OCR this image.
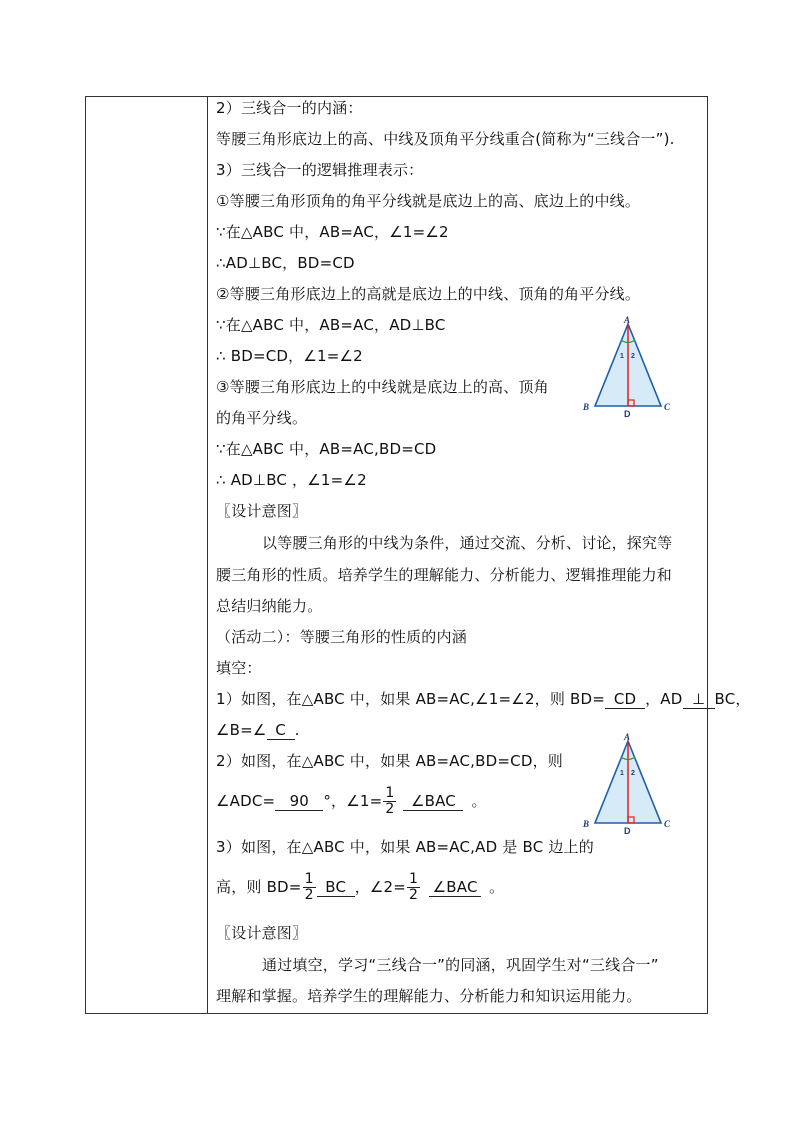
2）三线合一的内涵：
等腰三角形底边上的高、中线及顶角平分线重合(简称为“三线合一”).
3）三线合一的逻辑推理表示：
①等腰三角形顶角的角平分线就是底边上的高、底边上的中线。
∵在△ABC 中，AB=AC，∠1=∠2
∴AD⊥BC，BD=CD
②等腰三角形底边上的高就是底边上的中线、顶角的角平分线。
∵在△ABC 中，AB=AC，AD⊥BC
∴ BD=CD，∠1=∠2
③等腰三角形底边上的中线就是底边上的高、顶角
的角平分线。
∵在△ABC 中，AB=AC,BD=CD
∴ AD⊥BC ，∠1=∠2
〖设计意图〗
以等腰三角形的中线为条件，通过交流、分析、讨论，探究等
腰三角形的性质。培养学生的理解能力、分析能力、逻辑推理能力和
总结归纳能力。
（活动二）：等腰三角形的性质的内涵
填空：
1）如图，在△ABC 中，如果 AB=AC,∠1=∠2，则 BD= CD ，AD ⊥ BC，
∠B=∠ C .
2）如图，在△ABC 中，如果 AB=AC,BD=CD，则
∠ADC= 90 °，∠1= $\frac{1}{2}$ ∠BAC 。
3）如图，在△ABC 中，如果 AB=AC,AD 是 BC 边上的
高，则 $BD= \frac{1}{2}$ BC ，∠2= $\frac{1}{2}$ ∠BAC 。
〖设计意图〗
通过填空，学习“三线合一”的同涵，巩固学生对“三线合一”
理解和掌握。培养学生的理解能力、分析能力和知识运用能力。
A
B	C
D
1 2
A
B	C
D
1 2
